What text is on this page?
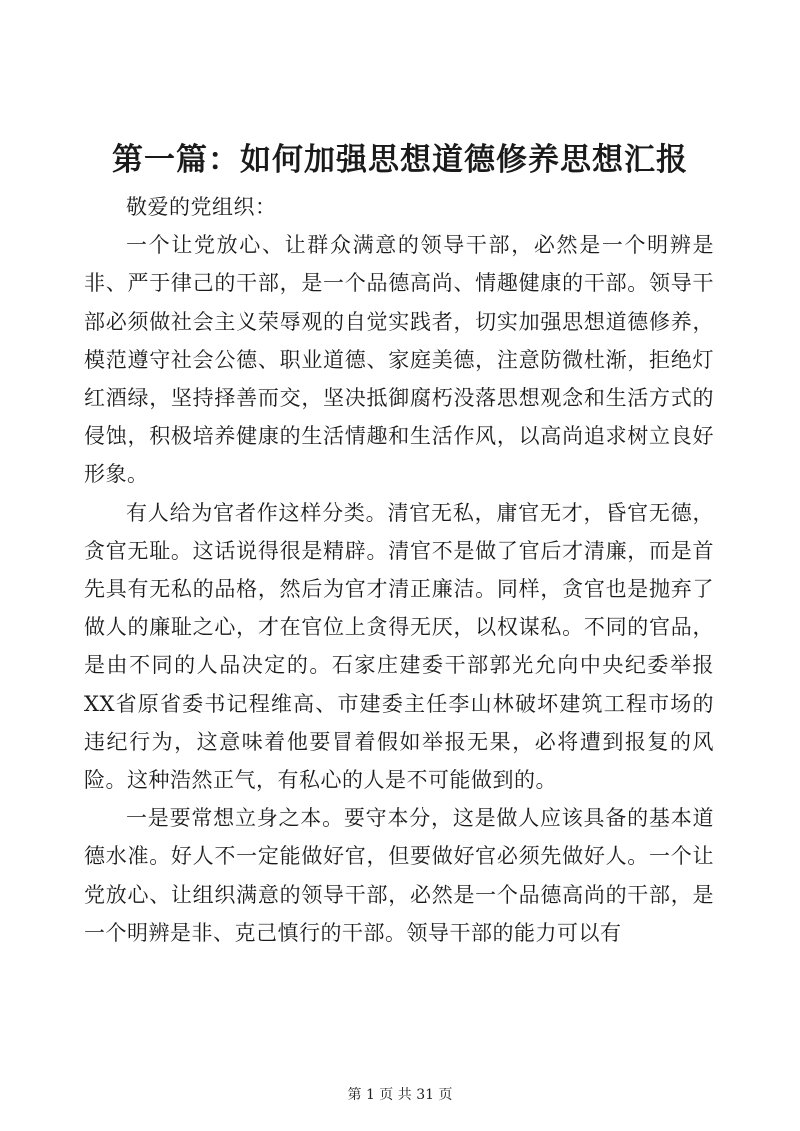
第一篇：如何加强思想道德修养思想汇报

敬爱的党组织：

一个让党放心、让群众满意的领导干部，必然是一个明辨是非、严于律己的干部，是一个品德高尚、情趣健康的干部。领导干部必须做社会主义荣辱观的自觉实践者，切实加强思想道德修养，模范遵守社会公德、职业道德、家庭美德，注意防微杜渐，拒绝灯红酒绿，坚持择善而交，坚决抵御腐朽没落思想观念和生活方式的侵蚀，积极培养健康的生活情趣和生活作风，以高尚追求树立良好形象。

有人给为官者作这样分类。清官无私，庸官无才，昏官无德，贪官无耻。这话说得很是精辟。清官不是做了官后才清廉，而是首先具有无私的品格，然后为官才清正廉洁。同样，贪官也是抛弃了做人的廉耻之心，才在官位上贪得无厌，以权谋私。不同的官品，是由不同的人品决定的。石家庄建委干部郭光允向中央纪委举报XX省原省委书记程维高、市建委主任李山林破坏建筑工程市场的违纪行为，这意味着他要冒着假如举报无果，必将遭到报复的风险。这种浩然正气，有私心的人是不可能做到的。

一是要常想立身之本。要守本分，这是做人应该具备的基本道德水准。好人不一定能做好官，但要做好官必须先做好人。一个让党放心、让组织满意的领导干部，必然是一个品德高尚的干部，是一个明辨是非、克己慎行的干部。领导干部的能力可以有

第 1 页 共 31 页
